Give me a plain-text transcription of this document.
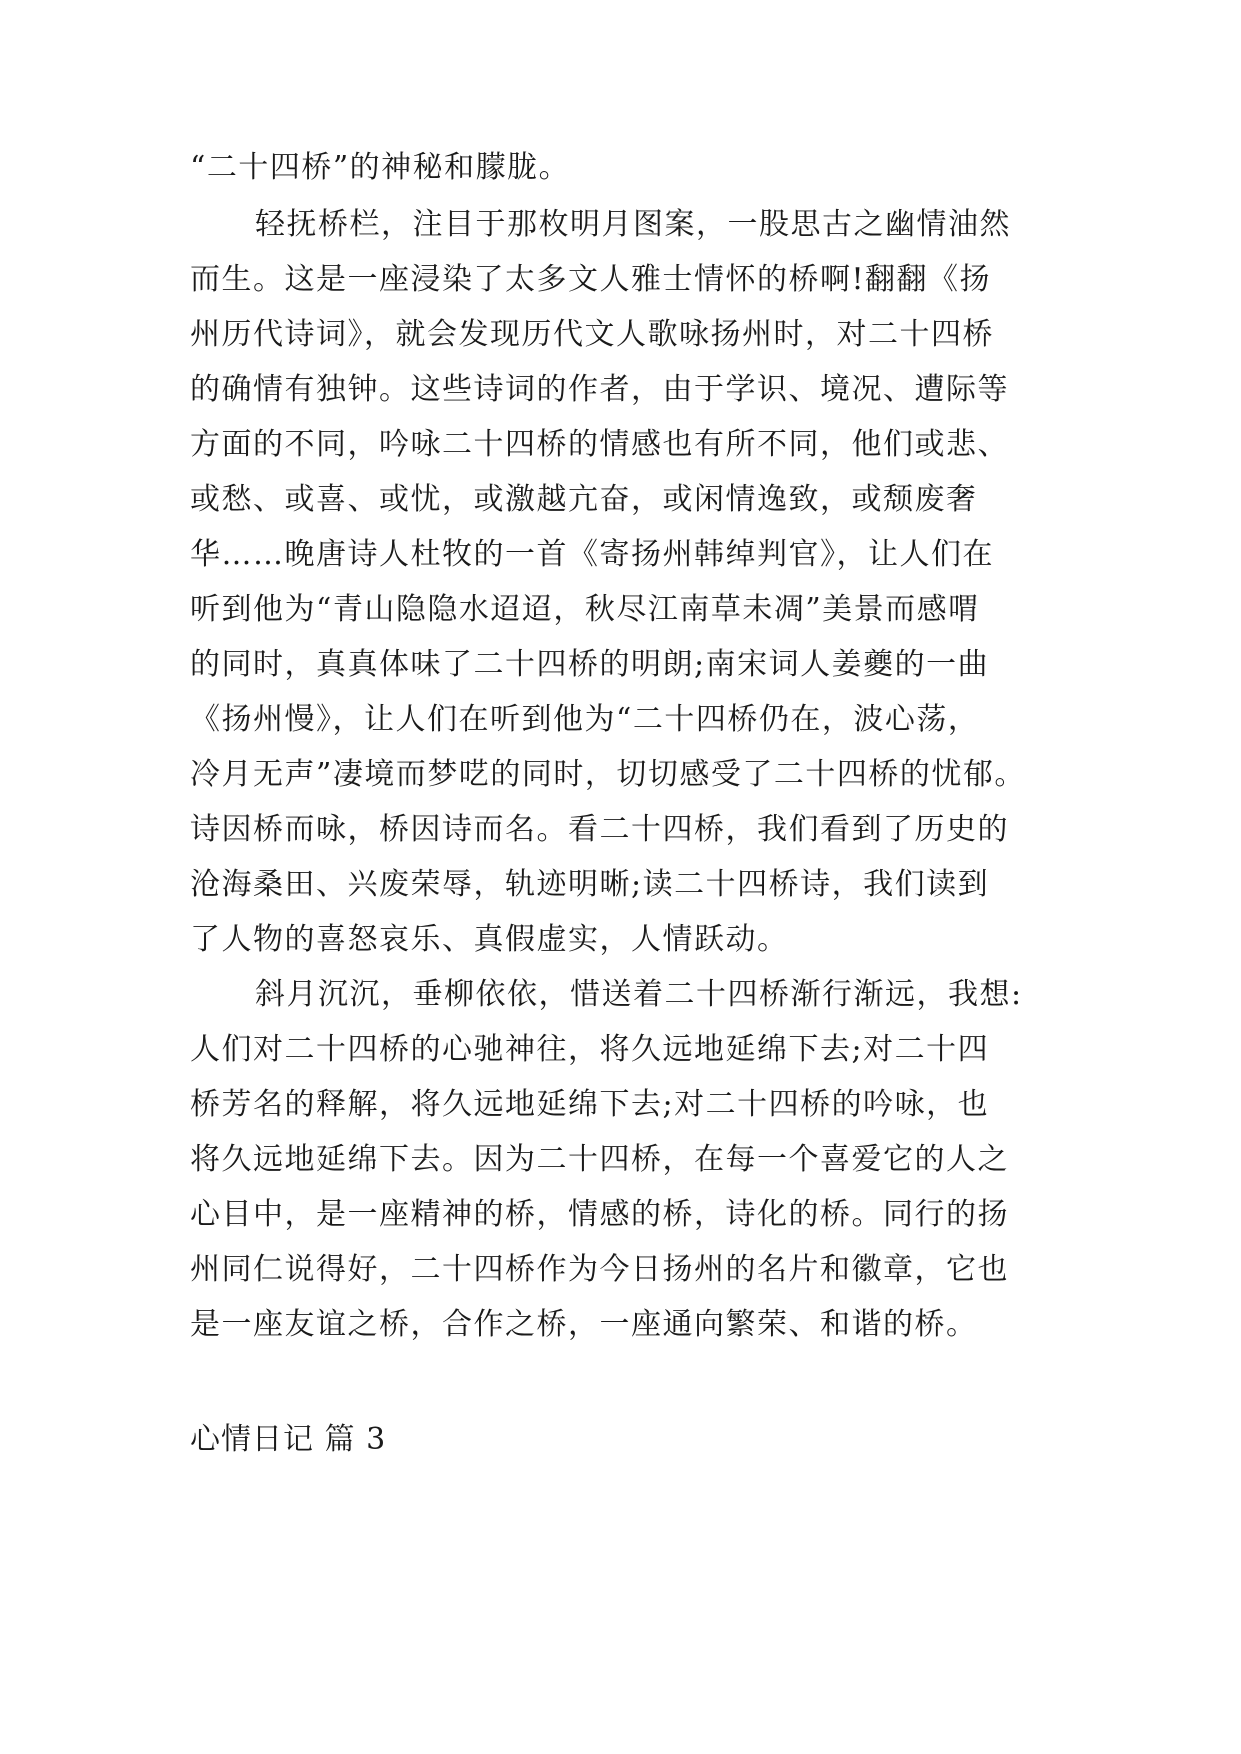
“二十四桥”的神秘和朦胧。
轻抚桥栏，注目于那枚明月图案，一股思古之幽情油然
而生。这是一座浸染了太多文人雅士情怀的桥啊!翻翻《扬
州历代诗词》，就会发现历代文人歌咏扬州时，对二十四桥
的确情有独钟。这些诗词的作者，由于学识、境况、遭际等
方面的不同，吟咏二十四桥的情感也有所不同，他们或悲、
或愁、或喜、或忧，或激越亢奋，或闲情逸致，或颓废奢
华……晚唐诗人杜牧的一首《寄扬州韩绰判官》，让人们在
听到他为“青山隐隐水迢迢，秋尽江南草未凋”美景而感喟
的同时，真真体味了二十四桥的明朗;南宋词人姜夔的一曲
《扬州慢》，让人们在听到他为“二十四桥仍在，波心荡，
冷月无声”凄境而梦呓的同时，切切感受了二十四桥的忧郁。
诗因桥而咏，桥因诗而名。看二十四桥，我们看到了历史的
沧海桑田、兴废荣辱，轨迹明晰;读二十四桥诗，我们读到
了人物的喜怒哀乐、真假虚实，人情跃动。
斜月沉沉，垂柳依依，惜送着二十四桥渐行渐远，我想:
人们对二十四桥的心驰神往，将久远地延绵下去;对二十四
桥芳名的释解，将久远地延绵下去;对二十四桥的吟咏，也
将久远地延绵下去。因为二十四桥，在每一个喜爱它的人之
心目中，是一座精神的桥，情感的桥，诗化的桥。同行的扬
州同仁说得好，二十四桥作为今日扬州的名片和徽章，它也
是一座友谊之桥，合作之桥，一座通向繁荣、和谐的桥。
心情日记 篇 3
